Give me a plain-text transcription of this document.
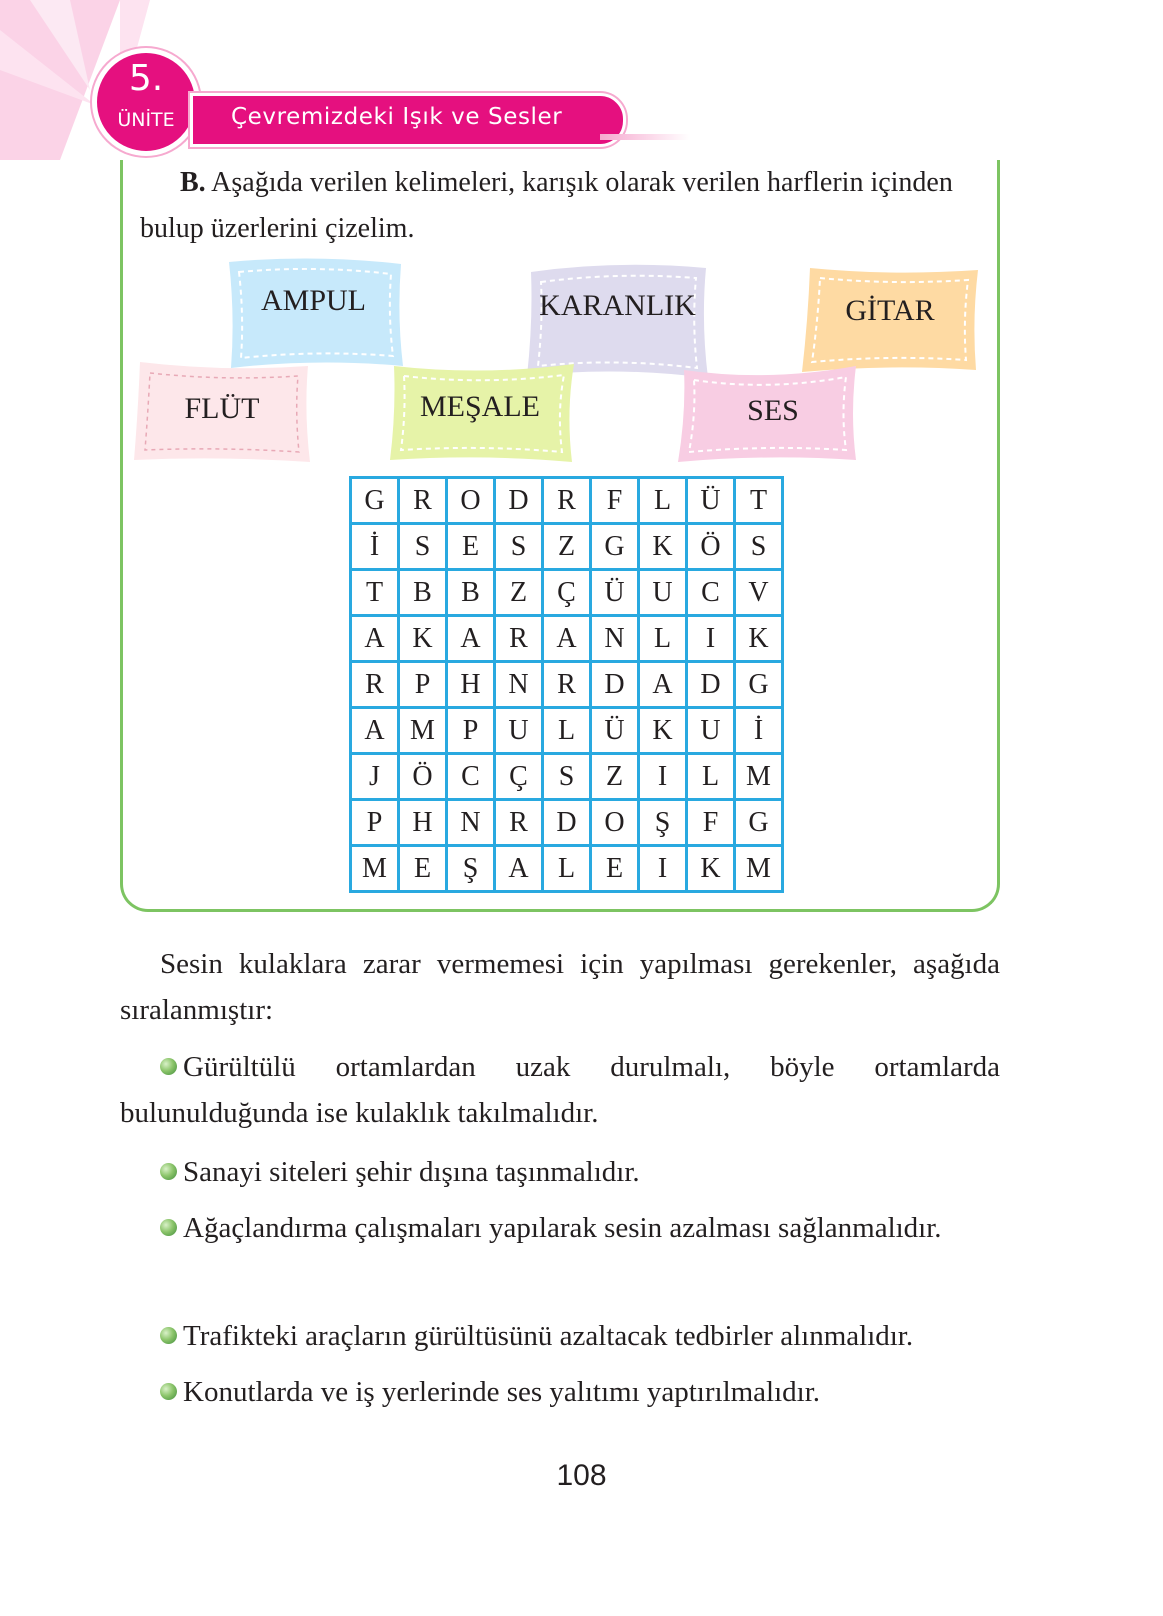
5.
ÜNİTE	Çevremizdeki Işık ve Sesler
B. Aşağıda verilen kelimeleri, karışık olarak verilen harflerin içinden bulup üzerlerini çizelim.
AMPUL	KARANLIK	GİTAR
FLÜT	MEŞALE	SES
G	R	O	D	R	F	L	Ü	T
İ	S	E	S	Z	G	K	Ö	S
T	B	B	Z	Ç	Ü	U	C	V
A	K	A	R	A	N	L	I	K
R	P	H	N	R	D	A	D	G
A	M	P	U	L	Ü	K	U	İ
J	Ö	C	Ç	S	Z	I	L	M
P	H	N	R	D	O	Ş	F	G
M	E	Ş	A	L	E	I	K	M

Sesin kulaklara zarar vermemesi için yapılması gerekenler, aşağıda sıralanmıştır:

Gürültülü ortamlardan uzak durulmalı, böyle ortamlarda bulunulduğunda ise kulaklık takılmalıdır.

Sanayi siteleri şehir dışına taşınmalıdır.

Ağaçlandırma çalışmaları yapılarak sesin azalması sağlanmalıdır.

Trafikteki araçların gürültüsünü azaltacak tedbirler alınmalıdır.

Konutlarda ve iş yerlerinde ses yalıtımı yaptırılmalıdır.

108
